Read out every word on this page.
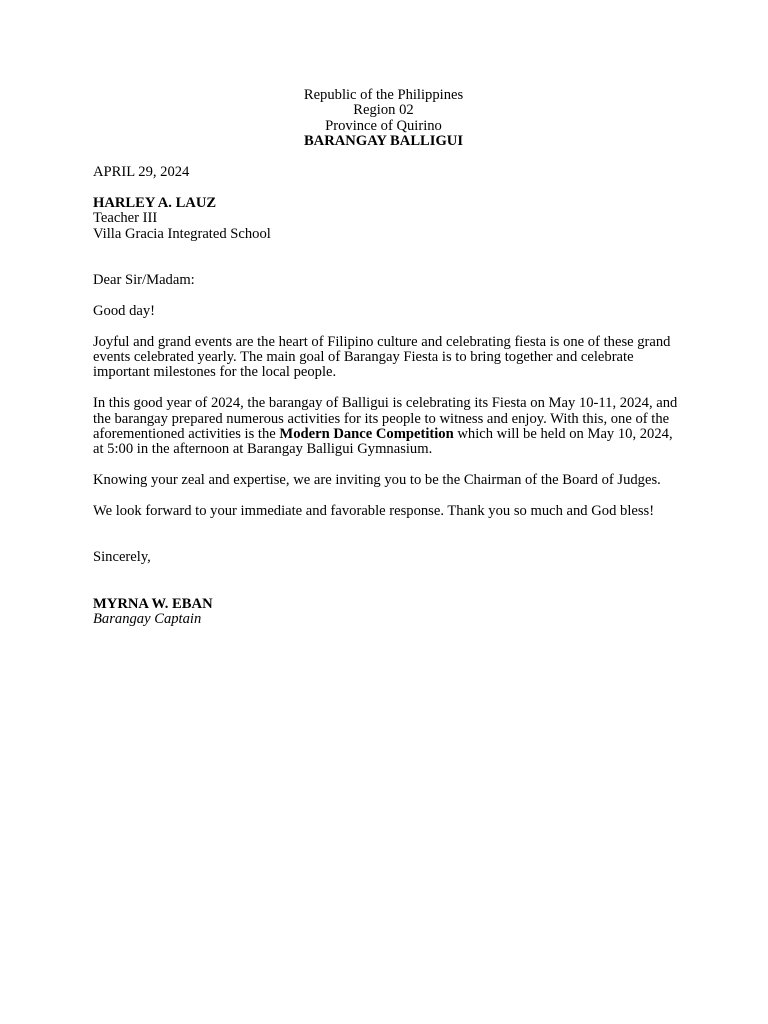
Republic of the Philippines
Region 02
Province of Quirino
BARANGAY BALLIGUI

APRIL 29, 2024

HARLEY A. LAUZ

Teacher III

Villa Gracia Integrated School

Dear Sir/Madam:

Good day!

Joyful and grand events are the heart of Filipino culture and celebrating fiesta is one of these grand events celebrated yearly. The main goal of Barangay Fiesta is to bring together and celebrate important milestones for the local people.

In this good year of 2024, the barangay of Balligui is celebrating its Fiesta on May 10-11, 2024, and the barangay prepared numerous activities for its people to witness and enjoy. With this, one of the aforementioned activities is the Modern Dance Competition which will be held on May 10, 2024, at 5:00 in the afternoon at Barangay Balligui Gymnasium.

Knowing your zeal and expertise, we are inviting you to be the Chairman of the Board of Judges.

We look forward to your immediate and favorable response. Thank you so much and God bless!

Sincerely,

MYRNA W. EBAN

Barangay Captain
